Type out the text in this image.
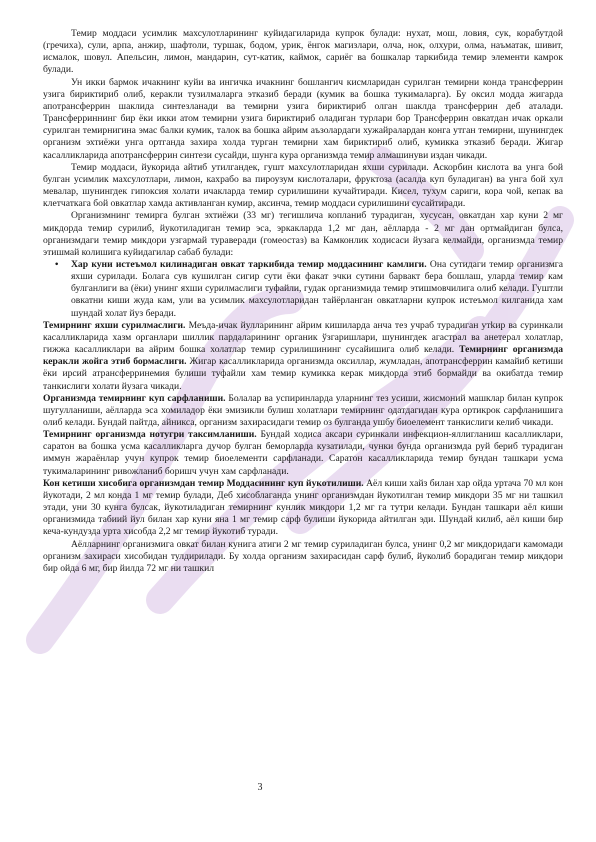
Темир моддаси усимлик махсулотларининг куйидагиларида купрок булади: нухат, мош, ловия, сук, корабутдой (гречиха), сули, арпа, анжир, шафтоли, туршак, бодом, урик, ёнгок магизлари, олча, нок, олхури, олма, наъматак, шивит, исмалок, шовул. Апельсин, лимон, мандарин, сут-катик, каймок, сариёг ва бошкалар таркибида темир элементи камрок булади.

Ун икки бармок ичакнинг куйи ва ингичка ичакнинг бошлангич кисмларидан сурилган темирни конда трансферрин узига бириктириб олиб, керакли тузилмаларга этказиб беради (кумик ва бошка тукималарга). Бу оксил модда жигарда апотрансферрин шаклида синтезланади ва темирни узига бириктириб олган шаклда трансферрин деб аталади. Трансферриннинг бир ёки икки атом темирни узига бириктириб оладиган турлари бор Трансферрин овкатдан ичак оркали сурилган темирнигина эмас балки кумик, талок ва бошка айрим аъзолардаги хужайралардан конга утган темирни, шунингдек организм эхтиёжи унга ортганда захира холда турган темирни хам бириктириб олиб, кумикка этказиб беради. Жигар касалликларида апотрансферрин синтези сусайди, шунга кура организмда темир алмашинуви издан чикади.

Темир моддаси, йукорида айтиб утилгандек, гушт махсулотларидан яхши сурилади. Аскорбин кислота ва унга бой булган усимлик махсулотлари, лимон, кахрабо ва пироузум кислоталари, фруктоза (асалда куп буладиган) ва унга бой хул мевалар, шунингдек гипоксия холати ичакларда темир сурилишини кучайтиради. Кисел, тухум сариги, кора чой, кепак ва клетчаткага бой овкатлар хамда активланган кумир, аксинча, темир моддаси сурилишини сусайтиради.

Организмнинг темирга булган эхтиёжи (33 мг) тегишлича копланиб турадиган, хусусан, овкатдан хар куни 2 мг микдорда темир сурилиб, йукотиладиган темир эса, эркакларда 1,2 мг дан, аёлларда - 2 мг дан ортмайдиган булса, организмдаги темир микдори узгармай тураверади (гомеостаз) ва Камконлик ходисаси йузага келмайди, организмда темир этишмай колишига куйидагилар сабаб булади:

• Хар куни истеъмол килинадиган овкат таркибида темир моддасининг камлиги. Она сутидаги темир организмга яхши сурилади. Болага сув кушилган сигир сути ёки факат эчки сутини барвакт бера бошлаш, уларда темир кам булганлиги ва (ёки) унинг яхши сурилмаслиги туфайли, гудак организмида темир этишмовчилига олиб келади. Гуштли овкатни киши жуда кам, ули ва усимлик махсулотларидан тайёрланган овкатларни купрок истеъмол килганида хам шундай холат йуз беради.

Темирнинг яхши сурилмаслиги. Меъда-ичак йулларининг айрим кишиларда анча тез учраб турадиган утkир ва суринкали касалликларида хазм органлари шиллик пардаларининг органик ўзгаришлари, шунингдек агастрал ва анетерал холатлар, гижжа касалликлари ва айрим бошка холатлар темир сурилишининг сусайишига олиб келади. Темирнинг организмда керакли жойга этиб бормаслиги. Жигар касалликларида организмда оксиллар, жумладан, апотрансферрин камайиб кетиши ёки ирсий атрансферринемия булиши туфайли хам темир кумикка керак микдорда этиб бормайди ва окибатда темир танкислиги холати йузага чикади.

Организмда темирнинг куп сарфланиши. Болалар ва успиринларда уларнинг тез усиши, жисмоний машклар билан купрок шугулланиши, аёлларда эса хомиладор ёки эмизикли булиш холатлари темирнинг одатдагидан кура ортикрок сарфланишига олиб келади. Бундай пайтда, айникса, организм захирасидаги темир оз булганда ушбу биоелемент танкислиги келиб чикади.

Темирнинг организмда нотугри таксимланиши. Бундай ходиса аксари суринкали инфекцион-яллигланиш касалликлари, саратон ва бошка усма касалликларга дучор булган беморларда кузатилади, чунки бунда организмда руй бериб турадиган иммун жараёнлар учун купрок темир биоелементи сарфланади. Саратон касалликларида темир бундан ташкари усма тукималарининг ривожланиб боришч учун хам сарфланади.

Кон кетиши хисобига организмдан темир Моддасининг куп йукотилиши. Аёл киши хайз билан хар ойда уртача 70 мл кон йукотади, 2 мл конда 1 мг темир булади, Деб хисоблаганда унинг организмдан йукотилган темир микдори 35 мг ни ташкил этади, уни 30 кунга булсак, йукотиладиган темирнинг кунлик микдори 1,2 мг га тутри келади. Бундан ташкари аёл киши организмида табиий йул билан хар куни яна 1 мг темир сарф булиши йукорида айтилган эди. Шундай килиб, аёл киши бир кеча-кундузда урта хисобда 2,2 мг темир йукотиб туради.

Аёлларнинг организмига овкат билан кунига атиги 2 мг темир суриладиган булса, унинг 0,2 мг микдоридаги камомади организм захираси хисобидан тулдирилади. Бу холда организм захирасидан сарф булиб, йуколиб борадиган темир микдори бир ойда 6 мг, бир йилда 72 мг ни ташкил

3
